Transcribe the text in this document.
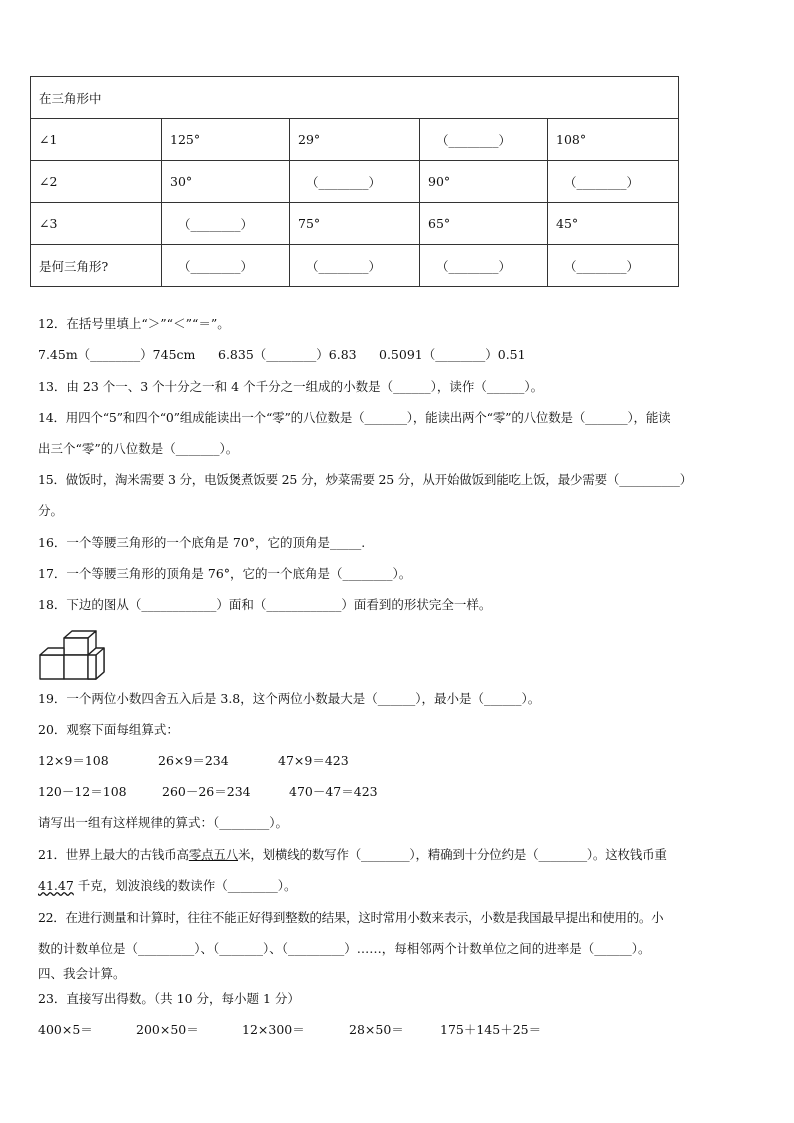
在三角形中				
∠1	125°	29°	（________）	108°
∠2	30°	（________）	90°	（________）
∠3	（________）	75°	65°	45°
是何三角形?	（________）	（________）	（________）	（________）
12．在括号里填上“＞”“＜”“＝”。
7.45m（________）745cm 6.835（________）6.83 0.5091（________）0.51
13．由 23 个一、3 个十分之一和 4 个千分之一组成的小数是（______），读作（______）。
14．用四个“5”和四个“0”组成能读出一个“零”的八位数是（_______），能读出两个“零”的八位数是（_______），能读
出三个“零”的八位数是（_______）。
15．做饭时，淘米需要 3 分，电饭煲煮饭要 25 分，炒菜需要 25 分，从开始做饭到能吃上饭，最少需要（__________）
分。
16．一个等腰三角形的一个底角是 70°，它的顶角是_____.
17．一个等腰三角形的顶角是 76°，它的一个底角是（________）。
18．下边的图从（____________）面和（____________）面看到的形状完全一样。
19．一个两位小数四舍五入后是 3.8，这个两位小数最大是（______），最小是（______）。
20．观察下面每组算式：
12×9＝108	26×9＝234	47×9＝423
120－12＝108	260－26＝234	470－47＝423
请写出一组有这样规律的算式：（________）。
21．世界上最大的古钱币高零点五八米，划横线的数写作（________），精确到十分位约是（________）。这枚钱币重
41.47 千克，划波浪线的数读作（________）。
22．在进行测量和计算时，往往不能正好得到整数的结果，这时常用小数来表示，小数是我国最早提出和使用的。小
数的计数单位是（_________）、（_______）、（_________）……，每相邻两个计数单位之间的进率是（______）。
四、我会计算。
23．直接写出得数。（共 10 分，每小题 1 分）
400×5＝	200×50＝	12×300＝	28×50＝	175＋145＋25＝
